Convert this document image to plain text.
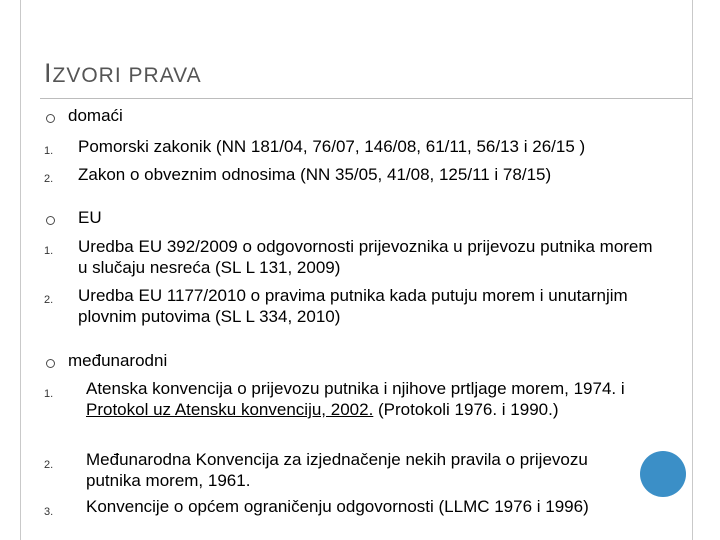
IZVORI PRAVA
domaći
1. Pomorski zakonik (NN 181/04, 76/07, 146/08, 61/11, 56/13 i 26/15 )
2. Zakon o obveznim odnosima (NN 35/05, 41/08, 125/11 i 78/15)
EU
1. Uredba EU 392/2009 o odgovornosti prijevoznika u prijevozu putnika morem u slučaju nesreća (SL L 131, 2009)
2. Uredba EU 1177/2010 o pravima putnika kada putuju morem i unutarnjim plovnim putovima (SL L 334, 2010)
međunarodni
1. Atenska konvencija o prijevozu putnika i njihove prtljage morem, 1974. i Protokol uz Atensku konvenciju, 2002. (Protokoli 1976. i 1990.)
2. Međunarodna Konvencija za izjednačenje nekih pravila o prijevozu putnika morem, 1961.
3. Konvencije o općem ograničenju odgovornosti (LLMC 1976 i 1996)
